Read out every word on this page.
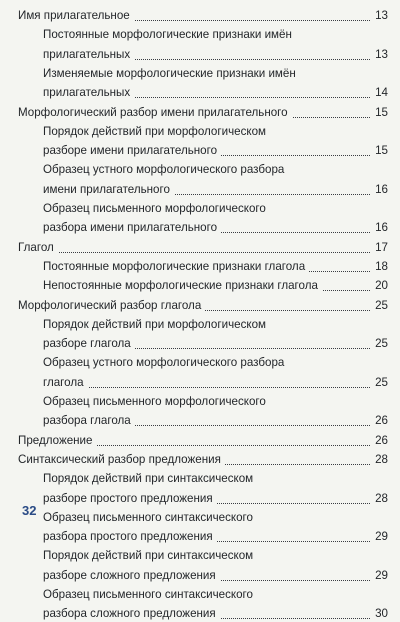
Имя прилагательное	13
Постоянные морфологические признаки имён
прилагательных	13
Изменяемые морфологические признаки имён
прилагательных	14
Морфологический разбор имени прилагательного	15
Порядок действий при морфологическом
разборе имени прилагательного	15
Образец устного морфологического разбора
имени прилагательного	16
Образец письменного морфологического
разбора имени прилагательного	16
Глагол	17
Постоянные морфологические признаки глагола	18
Непостоянные морфологические признаки глагола	20
Морфологический разбор глагола	25
Порядок действий при морфологическом
разборе глагола	25
Образец устного морфологического разбора
глагола	25
Образец письменного морфологического
разбора глагола	26
Предложение	26
Синтаксический разбор предложения	28
Порядок действий при синтаксическом
разборе простого предложения	28
Образец письменного синтаксического
разбора простого предложения	29
Порядок действий при синтаксическом
разборе сложного предложения	29
Образец письменного синтаксического
разбора сложного предложения	30
32
